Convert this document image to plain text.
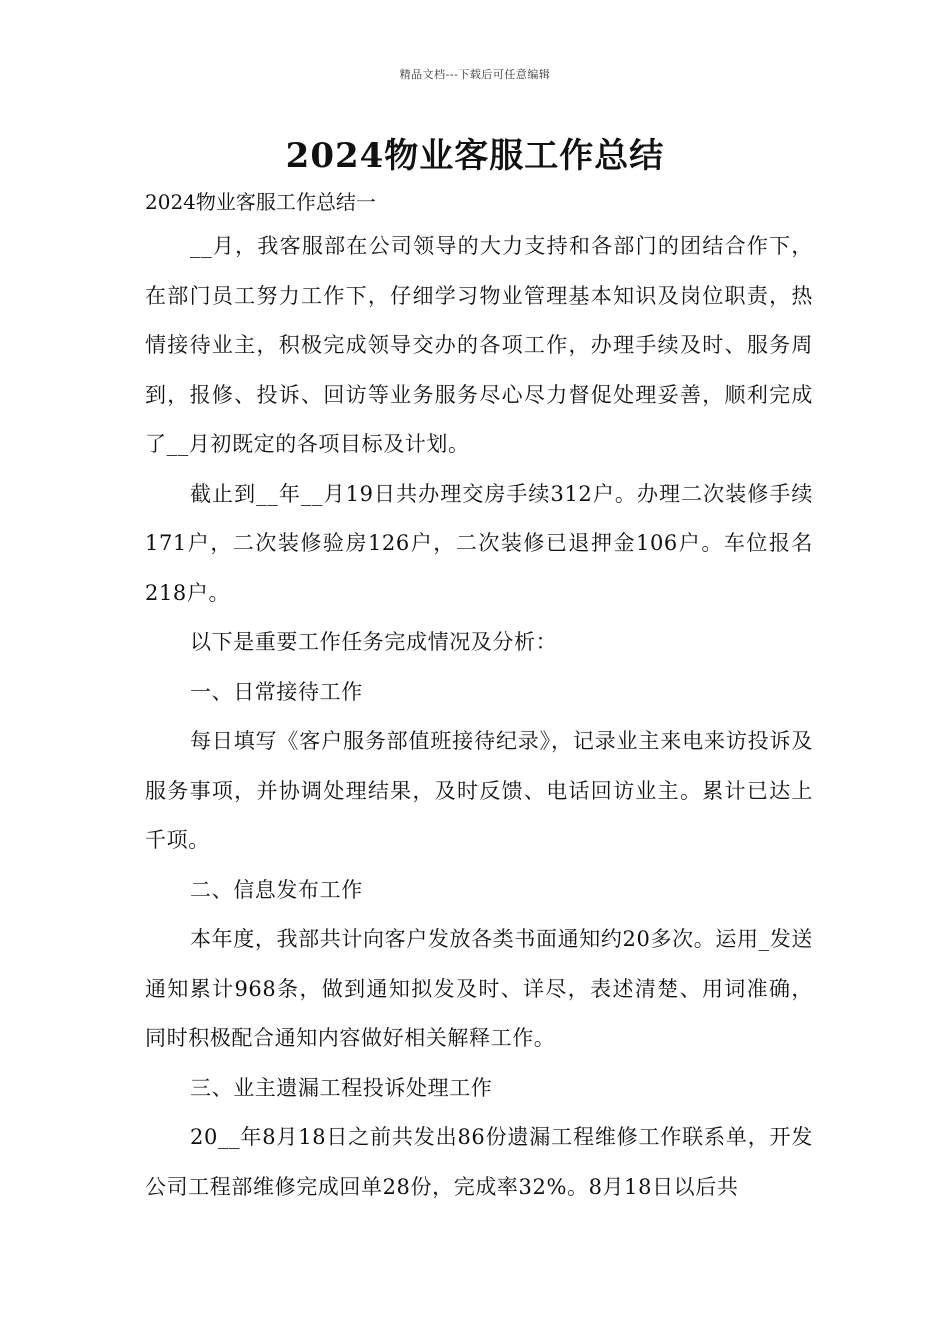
精品文档---下载后可任意编辑
2024物业客服工作总结

2024物业客服工作总结一

__月，我客服部在公司领导的大力支持和各部门的团结合作下，在部门员工努力工作下，仔细学习物业管理基本知识及岗位职责，热情接待业主，积极完成领导交办的各项工作，办理手续及时、服务周到，报修、投诉、回访等业务服务尽心尽力督促处理妥善，顺利完成了__月初既定的各项目标及计划。

截止到__年__月19日共办理交房手续312户。办理二次装修手续171户，二次装修验房126户，二次装修已退押金106户。车位报名218户。

以下是重要工作任务完成情况及分析：

一、日常接待工作

每日填写《客户服务部值班接待纪录》，记录业主来电来访投诉及服务事项，并协调处理结果，及时反馈、电话回访业主。累计已达上千项。

二、信息发布工作

本年度，我部共计向客户发放各类书面通知约20多次。运用_发送通知累计968条，做到通知拟发及时、详尽，表述清楚、用词准确，同时积极配合通知内容做好相关解释工作。

三、业主遗漏工程投诉处理工作

20__年8月18日之前共发出86份遗漏工程维修工作联系单，开发公司工程部维修完成回单28份，完成率32%。8月18日以后共
